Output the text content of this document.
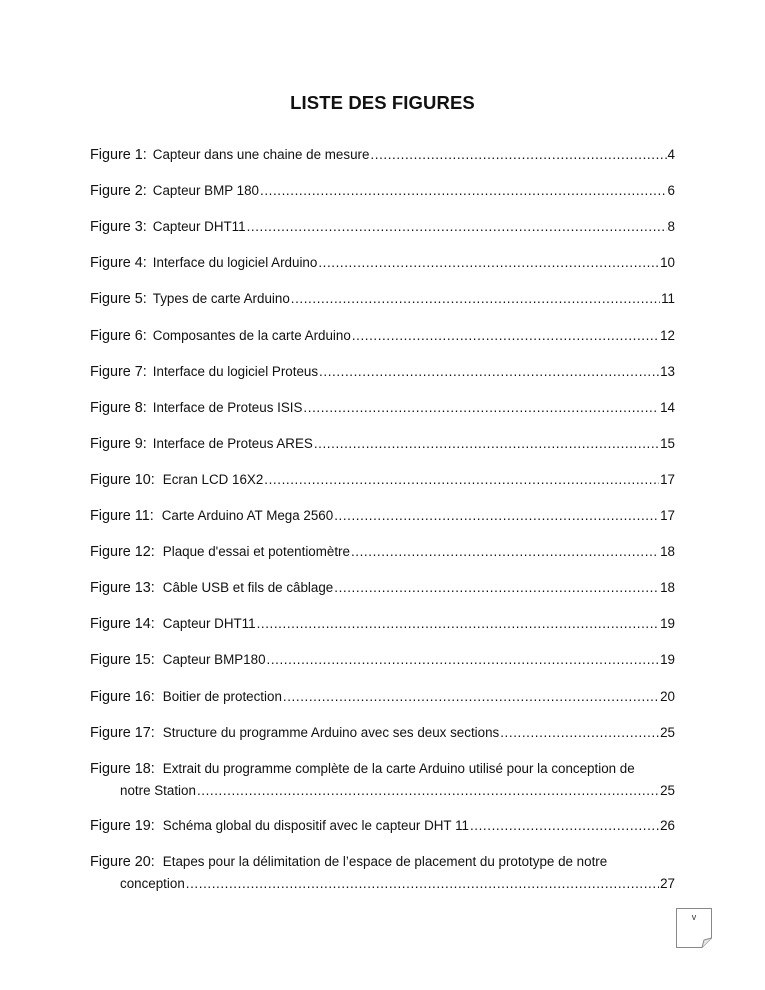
LISTE DES FIGURES
Figure 1: Capteur dans une chaine de mesure .....	4
Figure 2: Capteur BMP 180 .....	6
Figure 3: Capteur DHT11 .....	8
Figure 4: Interface du logiciel Arduino .....	10
Figure 5: Types de carte Arduino .....	11
Figure 6: Composantes de la carte Arduino .....	12
Figure 7: Interface du logiciel Proteus .....	13
Figure 8: Interface de Proteus ISIS .....	14
Figure 9: Interface de Proteus ARES .....	15
Figure 10: Ecran LCD 16X2 .....	17
Figure 11: Carte Arduino AT Mega 2560 .....	17
Figure 12: Plaque d'essai et potentiomètre .....	18
Figure 13: Câble USB et fils de câblage .....	18
Figure 14: Capteur DHT11 .....	19
Figure 15: Capteur BMP180 .....	19
Figure 16: Boitier de protection .....	20
Figure 17: Structure du programme Arduino avec ses deux sections .....	25
Figure 18: Extrait du programme complète de la carte Arduino utilisé pour la conception de
notre Station .....	25
Figure 19: Schéma global du dispositif avec le capteur DHT 11 .....	26
Figure 20: Etapes pour la délimitation de l’espace de placement du prototype de notre
conception .....	27
v
